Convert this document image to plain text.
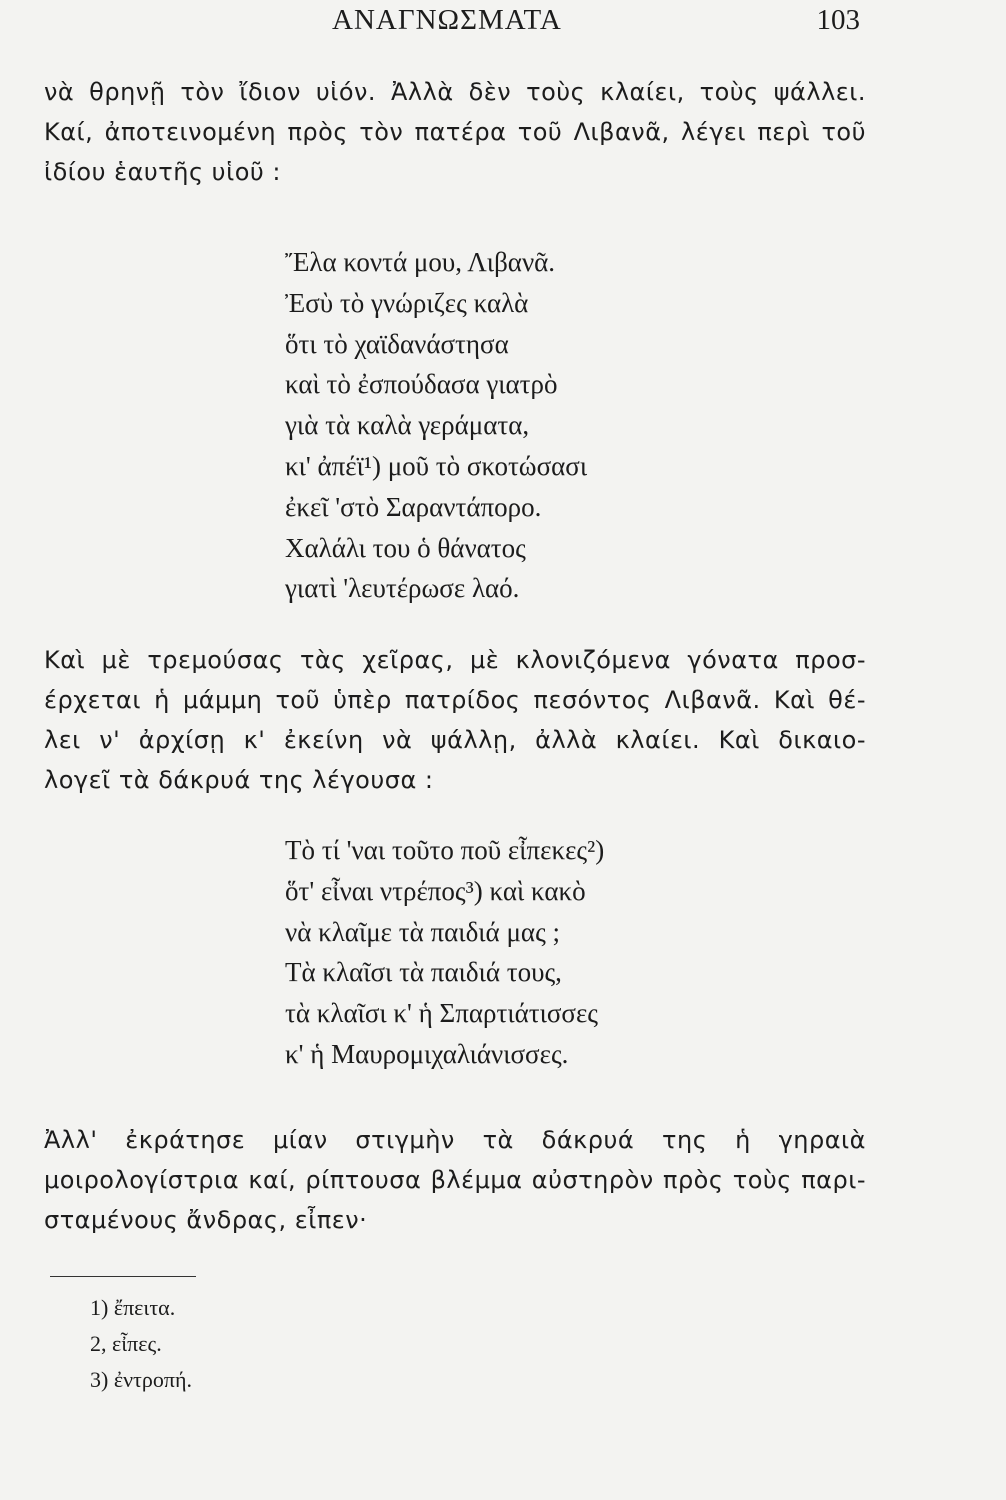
ΑΝΑΓΝΩΣΜΑΤΑ	103
νὰ θρηνῇ τὸν ἴδιον υἱόν. Ἀλλὰ δὲν τοὺς κλαίει, τοὺς ψάλλει.
Καί, ἀποτεινομένη πρὸς τὸν πατέρα τοῦ Λιβανᾶ, λέγει περὶ τοῦ
ἰδίου ἑαυτῆς υἱοῦ :
Ἔλα κοντά μου, Λιβανᾶ.
Ἐσὺ τὸ γνώριζες καλὰ
ὅτι τὸ χαϊδανάστησα
καὶ τὸ ἐσπούδασα γιατρὸ
γιὰ τὰ καλὰ γεράματα,
κι' ἀπέϊ¹) μοῦ τὸ σκοτώσασι
ἐκεῖ 'στὸ Σαραντάπορο.
Χαλάλι του ὁ θάνατος
γιατὶ 'λευτέρωσε λαό.
Καὶ μὲ τρεμούσας τὰς χεῖρας, μὲ κλονιζόμενα γόνατα προσ-
έρχεται ἡ μάμμη τοῦ ὑπὲρ πατρίδος πεσόντος Λιβανᾶ. Καὶ θέ-
λει ν' ἀρχίσῃ κ' ἐκείνη νὰ ψάλλῃ, ἀλλὰ κλαίει. Καὶ δικαιο-
λογεῖ τὰ δάκρυά της λέγουσα :
Τὸ τί 'ναι τοῦτο ποῦ εἶπεκες²)
ὅτ' εἶναι ντρέπος³) καὶ κακὸ
νὰ κλαῖμε τὰ παιδιά μας ;
Τὰ κλαῖσι τὰ παιδιά τους,
τὰ κλαῖσι κ' ἡ Σπαρτιάτισσες
κ' ἡ Μαυρομιχαλιάνισσες.
Ἀλλ' ἐκράτησε μίαν στιγμὴν τὰ δάκρυά της ἡ γηραιὰ
μοιρολογίστρια καί, ρίπτουσα βλέμμα αὐστηρὸν πρὸς τοὺς παρι-
σταμένους ἄνδρας, εἶπεν·
1) ἔπειτα.
2, εἶπες.
3) ἐντροπή.
